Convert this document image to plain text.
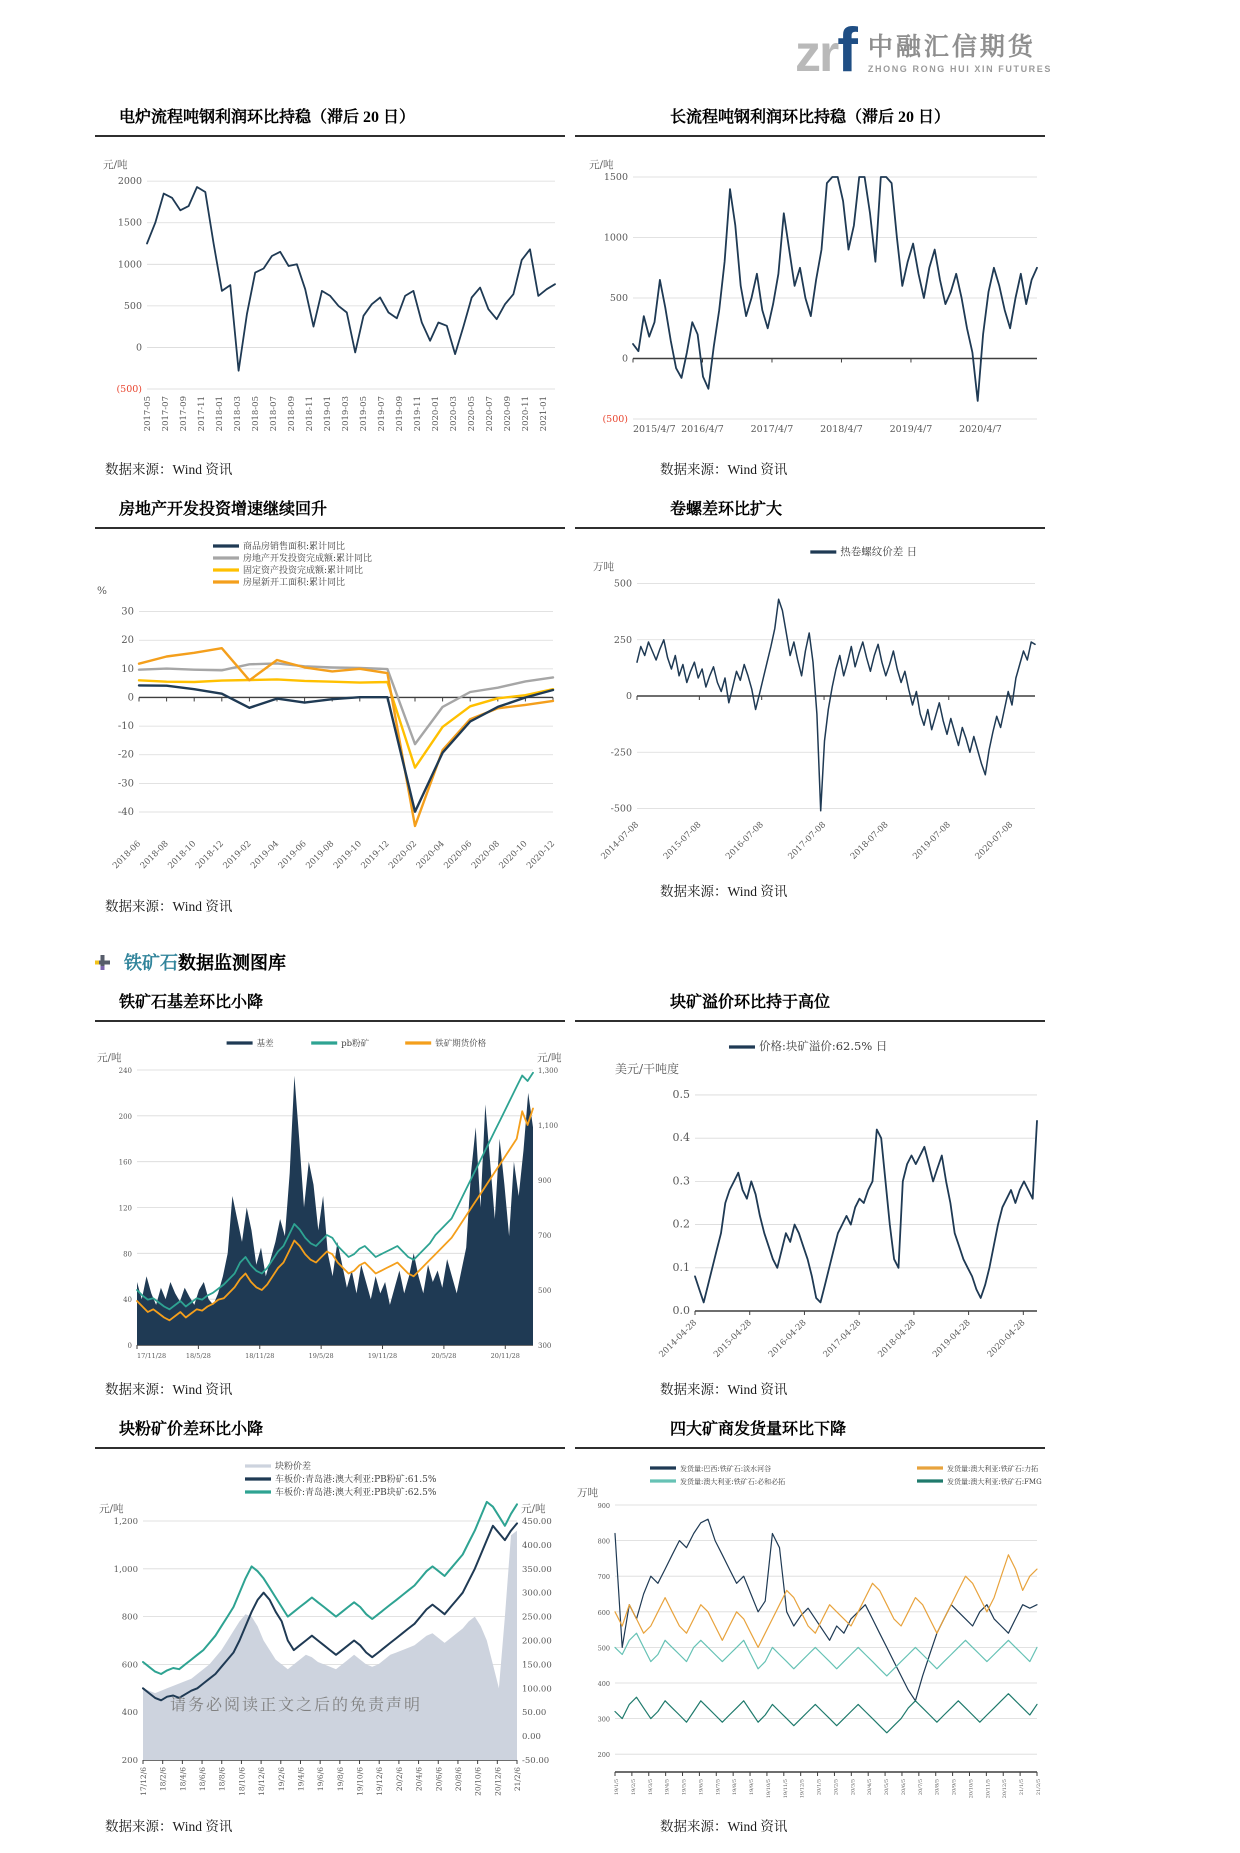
zrf 中融汇信期货
ZHONG RONG HUI XIN FUTURES
电炉流程吨钢利润环比持稳（滞后 20 日）
2000
1500
1000
500
0
(500)
2017-05 2017-07 2017-09 2017-11 2018-01 2018-03 2018-05 2018-07 2018-09 2018-11 2019-01 2019-03 2019-05 2019-07 2019-09 2019-11 2020-01 2020-03 2020-05 2020-07 2020-09 2020-11 2021-01
元/吨

数据来源：Wind 资讯

长流程吨钢利润环比持稳（滞后 20 日）
1500
1000
500
0
(500)
2015/4/7 2016/4/7	2017/4/7	2018/4/7	2019/4/7	2020/4/7
元/吨

数据来源：Wind 资讯

房地产开发投资增速继续回升
30
20
10
0
-10
-20
-30
-40
2018-06
2018-08
2018-10
2018-12
2019-02
2019-04
2019-06
2019-08
2019-10
2019-12
2020-02
2020-04
2020-06
2020-08
2020-10
2020-12
%
商品房销售面积:累计同比
房地产开发投资完成额:累计同比
固定资产投资完成额:累计同比
房屋新开工面积:累计同比

数据来源：Wind 资讯

卷螺差环比扩大
500
250
0
-250
-500
2014-07-08 2015-07-08 2016-07-08 2017-07-08 2018-07-08 2019-07-08 2020-07-08
万吨
热卷螺纹价差 日

数据来源：Wind 资讯

铁矿石数据监测图库
铁矿石基差环比小降
240
200
160
120
80
40
0
1,300
1,100
900
700
500
300
17/11/28	18/5/28	18/11/28	19/5/28	19/11/28	20/5/28	20/11/28
元/吨	元/吨
基差	pb粉矿	铁矿期货价格

数据来源：Wind 资讯

块矿溢价环比持于高位
0.5
0.4
0.3
0.2
0.1
0.0
2014-04-28 2015-04-28 2016-04-28 2017-04-28 2018-04-28 2019-04-28 2020-04-28
美元/干吨度
价格:块矿溢价:62.5% 日

数据来源：Wind 资讯

块粉矿价差环比小降
1,200
1,000
800
600
400
200
450.00
400.00
350.00
300.00
250.00
200.00
150.00
100.00
50.00
0.00
-50.00
17/12/6 18/2/6 18/4/6 18/6/6 18/8/6 18/10/6 18/12/6 19/2/6 19/4/6 19/6/6 19/8/6 19/10/6 19/12/6 20/2/6 20/4/6 20/6/6 20/8/6 20/10/6 20/12/6 21/2/6
元/吨	元/吨
块粉价差
车板价:青岛港:澳大利亚:PB粉矿:61.5%
车板价:青岛港:澳大利亚:PB块矿:62.5%

数据来源：Wind 资讯

四大矿商发货量环比下降
900
800
700
600
500
400
300
200
19/1/5 19/2/5 19/3/5 19/4/5 19/5/5 19/6/5 19/7/5 19/8/5 19/9/5 19/10/5 19/11/5 19/12/5 20/1/5 20/2/5 20/3/5 20/4/5 20/5/5 20/6/5 20/7/5 20/8/5 20/9/5 20/10/5 20/11/5 20/12/5 21/1/5 21/2/5
万吨
发货量:巴西:铁矿石:淡水河谷	发货量:澳大利亚:铁矿石:力拓
发货量:澳大利亚:铁矿石:必和必拓	发货量:澳大利亚:铁矿石:FMG

数据来源：Wind 资讯

请务必阅读正文之后的免责声明
